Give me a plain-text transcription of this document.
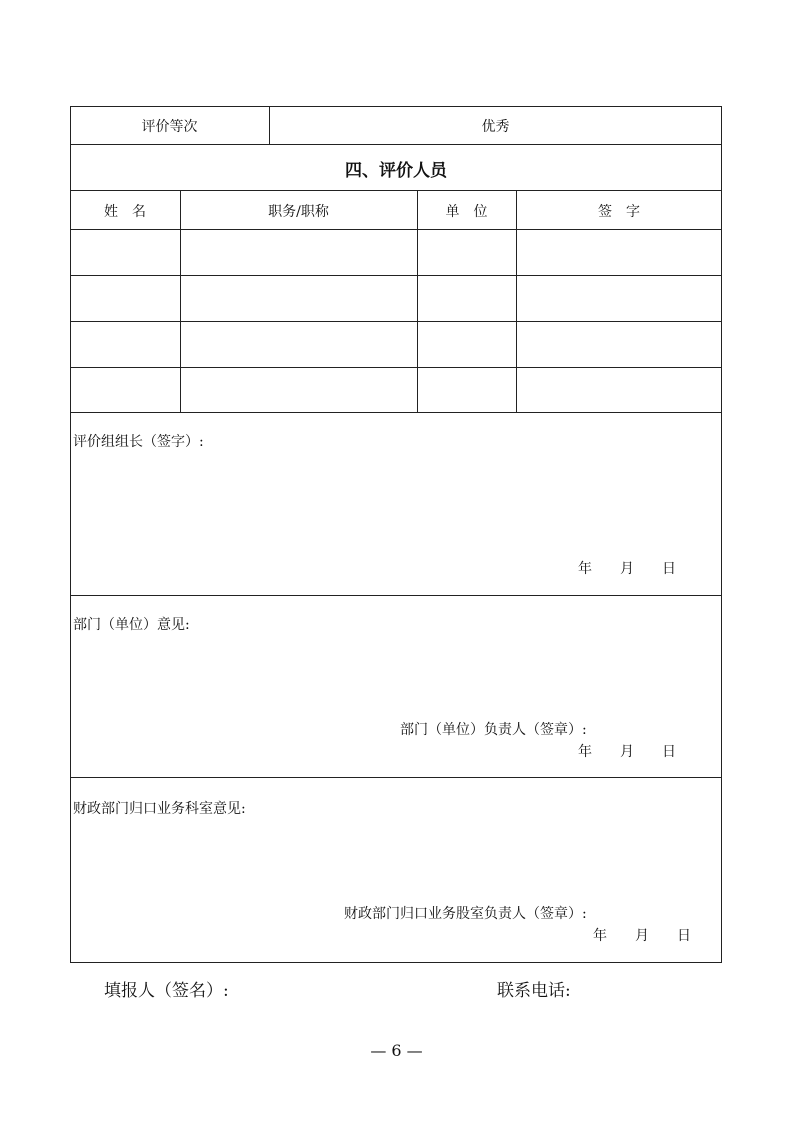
评价等次	优秀
四、评价人员
姓　名	职务/职称	单　位	签　字
评价组组长（签字）:
年　　月　　日
部门（单位）意见:
部门（单位）负责人（签章）:
年　　月　　日
财政部门归口业务科室意见:
财政部门归口业务股室负责人（签章）:
年　　月　　日
填报人（签名）:	联系电话:
— 6 —
